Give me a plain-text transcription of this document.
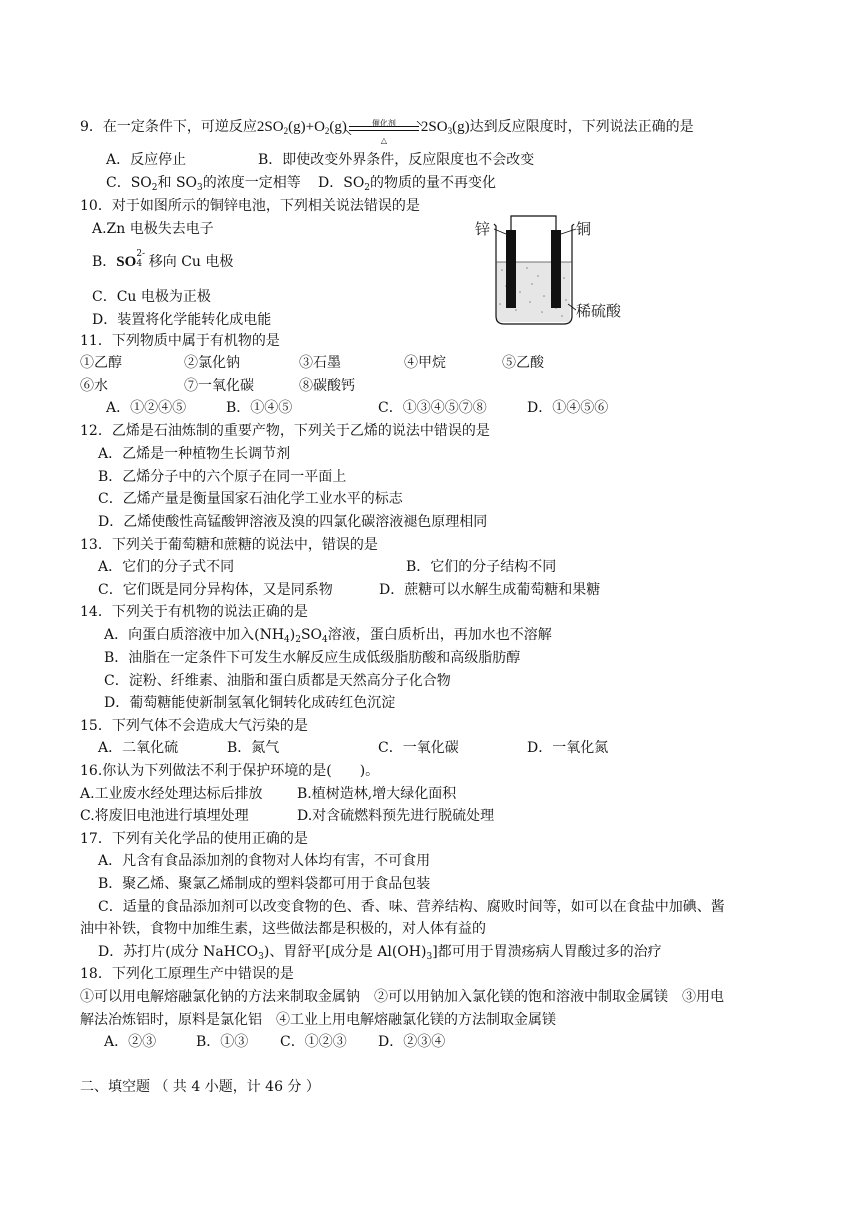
9．在一定条件下，可逆反应$2SO_2(g)+O_2(g)$	催化剂
△
$2SO_3(g)$达到反应限度时，下列说法正确的是
A．反应停止	B．即使改变外界条件，反应限度也不会改变
C．$SO_2$和 $SO_3$的浓度一定相等 D．$SO_2$的物质的量不再变化
10．对于如图所示的铜锌电池，下列相关说法错误的是
A.Zn 电极失去电子
B．SO 2-
4 移向 Cu 电极
C．Cu 电极为正极
D．装置将化学能转化成电能
锌	铜
稀硫酸
11．下列物质中属于有机物的是
①乙醇	②氯化钠	③石墨	④甲烷	⑤乙酸
⑥水	⑦一氧化碳	⑧碳酸钙
A．①②④⑤	B．①④⑤	C．①③④⑤⑦⑧	D．①④⑤⑥
12．乙烯是石油炼制的重要产物，下列关于乙烯的说法中错误的是
A．乙烯是一种植物生长调节剂
B．乙烯分子中的六个原子在同一平面上
C．乙烯产量是衡量国家石油化学工业水平的标志
D．乙烯使酸性高锰酸钾溶液及溴的四氯化碳溶液褪色原理相同
13．下列关于葡萄糖和蔗糖的说法中，错误的是
A．它们的分子式不同	B．它们的分子结构不同
C．它们既是同分异构体，又是同系物	D．蔗糖可以水解生成葡萄糖和果糖
14．下列关于有机物的说法正确的是
A．向蛋白质溶液中加入$(NH_4)_2SO_4$溶液，蛋白质析出，再加水也不溶解
B．油脂在一定条件下可发生水解反应生成低级脂肪酸和高级脂肪醇
C．淀粉、纤维素、油脂和蛋白质都是天然高分子化合物
D．葡萄糖能使新制氢氧化铜转化成砖红色沉淀
15．下列气体不会造成大气污染的是
A．二氧化硫	B．氮气	C．一氧化碳	D．一氧化氮
16.你认为下列做法不利于保护环境的是(　　)。
A.工业废水经处理达标后排放 B.植树造林,增大绿化面积
C.将废旧电池进行填埋处理	D.对含硫燃料预先进行脱硫处理
17．下列有关化学品的使用正确的是
A．凡含有食品添加剂的食物对人体均有害，不可食用
B．聚乙烯、聚氯乙烯制成的塑料袋都可用于食品包装
C．适量的食品添加剂可以改变食物的色、香、味、营养结构、腐败时间等，如可以在食盐中加碘、酱
油中补铁，食物中加维生素，这些做法都是积极的，对人体有益的
D．苏打片(成分 NaHCO$_3$)、胃舒平[成分是 $Al(OH)_3$]都可用于胃溃疡病人胃酸过多的治疗
18．下列化工原理生产中错误的是
①可以用电解熔融氯化钠的方法来制取金属钠　②可以用钠加入氯化镁的饱和溶液中制取金属镁　③用电
解法冶炼铝时，原料是氯化铝　④工业上用电解熔融氯化镁的方法制取金属镁
A．②③	B．①③ C．①②③ D．②③④
二、填空题 （ 共 4 小题，计 46 分 ）
